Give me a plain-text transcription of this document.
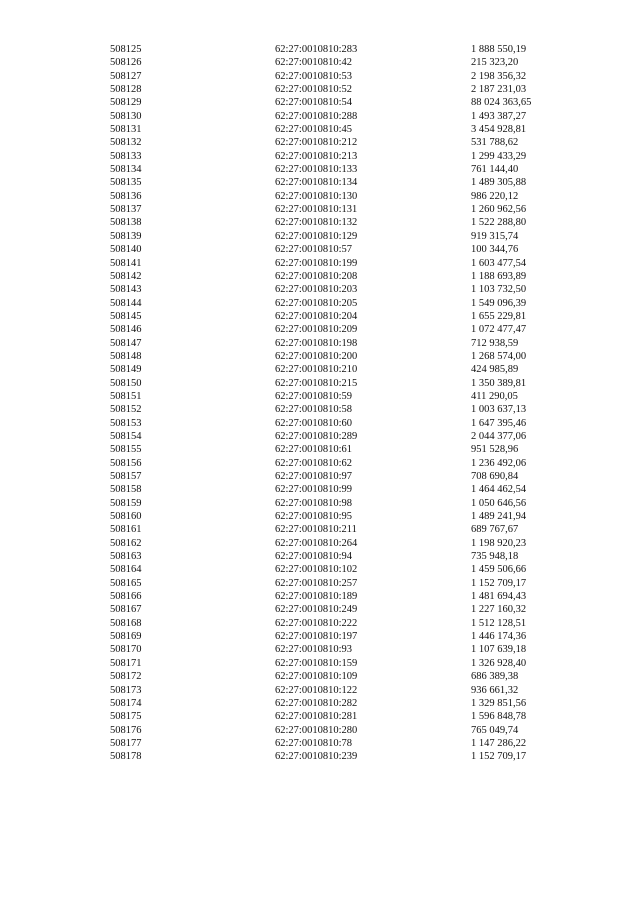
508125	62:27:0010810:283	1 888 550,19
508126	62:27:0010810:42	215 323,20
508127	62:27:0010810:53	2 198 356,32
508128	62:27:0010810:52	2 187 231,03
508129	62:27:0010810:54	88 024 363,65
508130	62:27:0010810:288	1 493 387,27
508131	62:27:0010810:45	3 454 928,81
508132	62:27:0010810:212	531 788,62
508133	62:27:0010810:213	1 299 433,29
508134	62:27:0010810:133	761 144,40
508135	62:27:0010810:134	1 489 305,88
508136	62:27:0010810:130	986 220,12
508137	62:27:0010810:131	1 260 962,56
508138	62:27:0010810:132	1 522 288,80
508139	62:27:0010810:129	919 315,74
508140	62:27:0010810:57	100 344,76
508141	62:27:0010810:199	1 603 477,54
508142	62:27:0010810:208	1 188 693,89
508143	62:27:0010810:203	1 103 732,50
508144	62:27:0010810:205	1 549 096,39
508145	62:27:0010810:204	1 655 229,81
508146	62:27:0010810:209	1 072 477,47
508147	62:27:0010810:198	712 938,59
508148	62:27:0010810:200	1 268 574,00
508149	62:27:0010810:210	424 985,89
508150	62:27:0010810:215	1 350 389,81
508151	62:27:0010810:59	411 290,05
508152	62:27:0010810:58	1 003 637,13
508153	62:27:0010810:60	1 647 395,46
508154	62:27:0010810:289	2 044 377,06
508155	62:27:0010810:61	951 528,96
508156	62:27:0010810:62	1 236 492,06
508157	62:27:0010810:97	708 690,84
508158	62:27:0010810:99	1 464 462,54
508159	62:27:0010810:98	1 050 646,56
508160	62:27:0010810:95	1 489 241,94
508161	62:27:0010810:211	689 767,67
508162	62:27:0010810:264	1 198 920,23
508163	62:27:0010810:94	735 948,18
508164	62:27:0010810:102	1 459 506,66
508165	62:27:0010810:257	1 152 709,17
508166	62:27:0010810:189	1 481 694,43
508167	62:27:0010810:249	1 227 160,32
508168	62:27:0010810:222	1 512 128,51
508169	62:27:0010810:197	1 446 174,36
508170	62:27:0010810:93	1 107 639,18
508171	62:27:0010810:159	1 326 928,40
508172	62:27:0010810:109	686 389,38
508173	62:27:0010810:122	936 661,32
508174	62:27:0010810:282	1 329 851,56
508175	62:27:0010810:281	1 596 848,78
508176	62:27:0010810:280	765 049,74
508177	62:27:0010810:78	1 147 286,22
508178	62:27:0010810:239	1 152 709,17
